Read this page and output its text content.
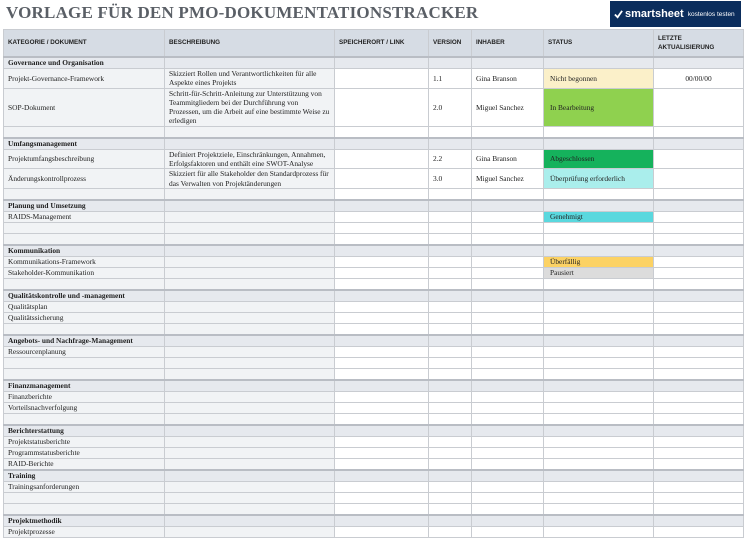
VORLAGE FÜR DEN PMO-DOKUMENTATIONSTRACKER	smartsheet kostenlos testen
KATEGORIE / DOKUMENT	BESCHREIBUNG	SPEICHERORT / LINK	VERSION	INHABER	STATUS	LETZTE AKTUALISIERUNG
Governance und Organisation						
Projekt-Governance-Framework	Skizziert Rollen und Verantwortlichkeiten für alle Aspekte eines Projekts		1.1	Gina Branson	Nicht begonnen	00/00/00
SOP-Dokument	Schritt-für-Schritt-Anleitung zur Unterstützung von Teammitgliedern bei der Durchführung von Prozessen, um die Arbeit auf eine bestimmte Weise zu erledigen		2.0	Miguel Sanchez	In Bearbeitung	

Umfangsmanagement						
Projektumfangsbeschreibung	Definiert Projektziele, Einschränkungen, Annahmen, Erfolgsfaktoren und enthält eine SWOT-Analyse		2.2	Gina Branson	Abgeschlossen	
Änderungskontrollprozess	Skizziert für alle Stakeholder den Standardprozess für das Verwalten von Projektänderungen		3.0	Miguel Sanchez	Überprüfung erforderlich	

Planung und Umsetzung						
RAIDS-Management					Genehmigt	

Kommunikation						
Kommunikations-Framework					Überfällig	
Stakeholder-Kommunikation					Pausiert	

Qualitätskontrolle und -management						
Qualitätsplan						
Qualitätssicherung						

Angebots- und Nachfrage-Management						
Ressourcenplanung						

Finanzmanagement						
Finanzberichte						
Vorteilsnachverfolgung						

Berichterstattung						
Projektstatusberichte						
Programmstatusberichte						
RAID-Berichte						
Training						
Trainingsanforderungen						

Projektmethodik						
Projektprozesse						
